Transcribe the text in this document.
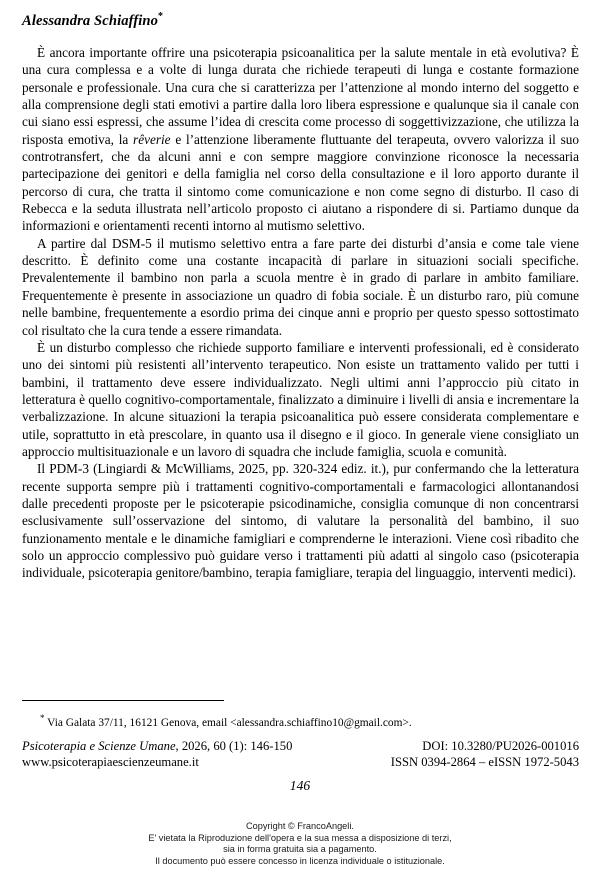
Alessandra Schiaffino*

È ancora importante offrire una psicoterapia psicoanalitica per la salute mentale in età evolutiva? È una cura complessa e a volte di lunga durata che richiede terapeuti di lunga e costante formazione personale e professionale. Una cura che si caratterizza per l’attenzione al mondo interno del soggetto e alla comprensione degli stati emotivi a partire dalla loro libera espressione e qualunque sia il canale con cui siano essi espressi, che assume l’idea di crescita come processo di soggettivizzazione, che utilizza la risposta emotiva, la rêverie e l’attenzione liberamente fluttuante del terapeuta, ovvero valorizza il suo controtransfert, che da alcuni anni e con sempre maggiore convinzione riconosce la necessaria partecipazione dei genitori e della famiglia nel corso della consultazione e il loro apporto durante il percorso di cura, che tratta il sintomo come comunicazione e non come segno di disturbo. Il caso di Rebecca e la seduta illustrata nell’articolo proposto ci aiutano a rispondere di si. Partiamo dunque da informazioni e orientamenti recenti intorno al mutismo selettivo.

A partire dal DSM-5 il mutismo selettivo entra a fare parte dei disturbi d’ansia e come tale viene descritto. È definito come una costante incapacità di parlare in situazioni sociali specifiche. Prevalentemente il bambino non parla a scuola mentre è in grado di parlare in ambito familiare. Frequentemente è presente in associazione un quadro di fobia sociale. È un disturbo raro, più comune nelle bambine, frequentemente a esordio prima dei cinque anni e proprio per questo spesso sottostimato col risultato che la cura tende a essere rimandata.

È un disturbo complesso che richiede supporto familiare e interventi professionali, ed è considerato uno dei sintomi più resistenti all’intervento terapeutico. Non esiste un trattamento valido per tutti i bambini, il trattamento deve essere individualizzato. Negli ultimi anni l’approccio più citato in letteratura è quello cognitivo-comportamentale, finalizzato a diminuire i livelli di ansia e incrementare la verbalizzazione. In alcune situazioni la terapia psicoanalitica può essere considerata complementare e utile, soprattutto in età prescolare, in quanto usa il disegno e il gioco. In generale viene consigliato un approccio multisituazionale e un lavoro di squadra che include famiglia, scuola e comunità.

Il PDM-3 (Lingiardi & McWilliams, 2025, pp. 320-324 ediz. it.), pur confermando che la letteratura recente supporta sempre più i trattamenti cognitivo-comportamentali e farmacologici allontanandosi dalle precedenti proposte per le psicoterapie psicodinamiche, consiglia comunque di non concentrarsi esclusivamente sull’osservazione del sintomo, di valutare la personalità del bambino, il suo funzionamento mentale e le dinamiche famigliari e comprenderne le interazioni. Viene così ribadito che solo un approccio complessivo può guidare verso i trattamenti più adatti al singolo caso (psicoterapia individuale, psicoterapia genitore/bambino, terapia famigliare, terapia del linguaggio, interventi medici).

* Via Galata 37/11, 16121 Genova, email <alessandra.schiaffino10@gmail.com>.
Psicoterapia e Scienze Umane, 2026, 60 (1): 146-150	DOI: 10.3280/PU2026-001016
www.psicoterapiaescienzeumane.it	ISSN 0394-2864 – eISSN 1972-5043
146
Copyright © FrancoAngeli.
E' vietata la Riproduzione dell'opera e la sua messa a disposizione di terzi,
sia in forma gratuita sia a pagamento.
Il documento può essere concesso in licenza individuale o istituzionale.
